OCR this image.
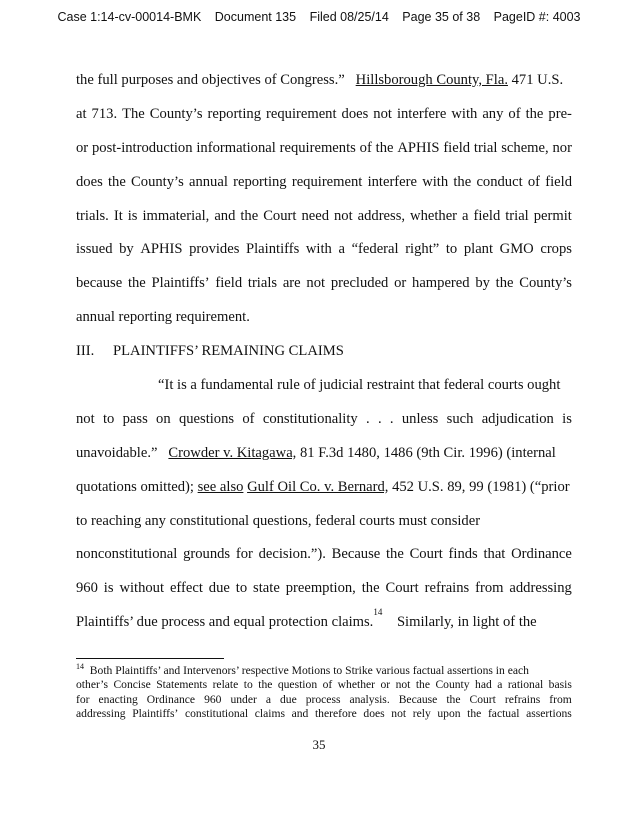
Case 1:14-cv-00014-BMK Document 135 Filed 08/25/14 Page 35 of 38 PageID #: 4003
the full purposes and objectives of Congress.”
Hillsborough County, Fla.
471 U.S.
at 713. The County’s reporting requirement does not interfere with any of the pre-
or post-introduction informational requirements of the APHIS field trial scheme, nor
does the County’s annual reporting requirement interfere with the conduct of field
trials. It is immaterial, and the Court need not address, whether a field trial permit
issued by APHIS provides Plaintiffs with a “federal right” to plant GMO crops
because the Plaintiffs’ field trials are not precluded or hampered by the County’s
annual reporting requirement.
III.	PLAINTIFFS’ REMAINING CLAIMS
“It is a fundamental rule of judicial restraint that federal courts ought
not to pass on questions of constitutionality . . . unless such adjudication is
unavoidable.”
Crowder v. Kitagawa,
81 F.3d 1480, 1486 (9th Cir. 1996) (internal
quotations omitted);
see also
Gulf Oil Co. v. Bernard,
452 U.S. 89, 99 (1981) (“prior
to reaching any constitutional questions, federal courts must consider
nonconstitutional grounds for decision.”). Because the Court finds that Ordinance
960 is without effect due to state preemption, the Court refrains from addressing
Plaintiffs’ due process and equal protection claims.
14

Similarly, in light of the
$^{14}$ Both Plaintiffs’ and Intervenors’ respective Motions to Strike various factual assertions in each
other’s Concise Statements relate to the question of whether or not the County had a rational basis
for enacting Ordinance 960 under a due process analysis. Because the Court refrains from
addressing Plaintiffs’ constitutional claims and therefore does not rely upon the factual assertions
35
